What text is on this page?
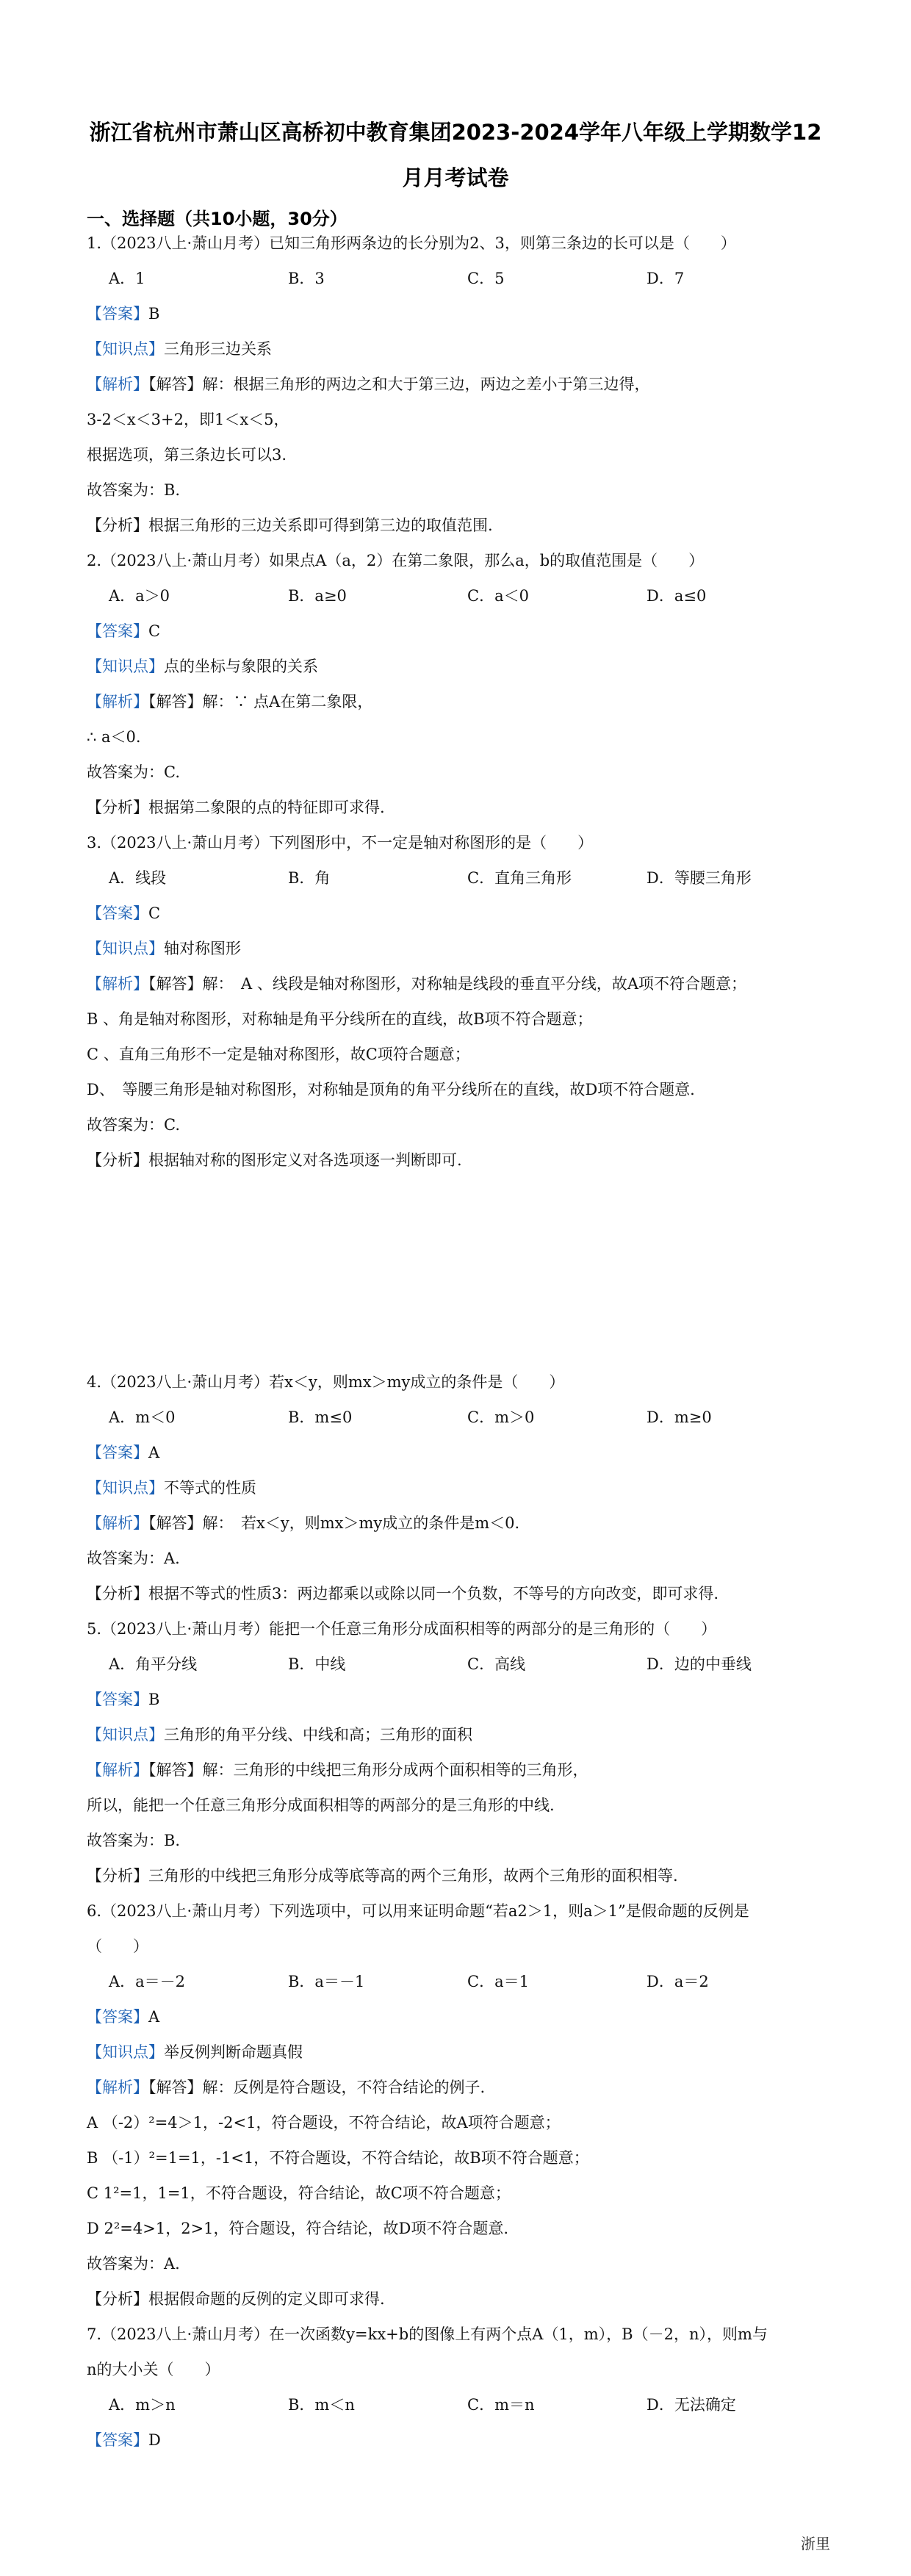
浙江省杭州市萧山区高桥初中教育集团2023-2024学年八年级上学期数学12
月月考试卷
一、选择题（共10小题，30分）
1.（2023八上·萧山月考）已知三角形两条边的长分别为2、3，则第三条边的长可以是（　　）
A．1	B．3	C．5	D．7
【答案】B
【知识点】三角形三边关系
【解析】【解答】解：根据三角形的两边之和大于第三边，两边之差小于第三边得，
3-2＜x＜3+2，即1＜x＜5，
根据选项，第三条边长可以3.
故答案为：B.
【分析】根据三角形的三边关系即可得到第三边的取值范围.
2.（2023八上·萧山月考）如果点A（a，2）在第二象限，那么a，b的取值范围是（　　）
A．a＞0	B．a≥0	C．a＜0	D．a≤0
【答案】C
【知识点】点的坐标与象限的关系
【解析】【解答】解：∵ 点A在第二象限，
∴ a＜0.
故答案为：C.
【分析】根据第二象限的点的特征即可求得.
3.（2023八上·萧山月考）下列图形中，不一定是轴对称图形的是（　　）
A．线段	B．角	C．直角三角形	D．等腰三角形
【答案】C
【知识点】轴对称图形
【解析】【解答】解：　A 、线段是轴对称图形，对称轴是线段的垂直平分线，故A项不符合题意；
B 、角是轴对称图形，对称轴是角平分线所在的直线，故B项不符合题意；
C 、直角三角形不一定是轴对称图形，故C项符合题意；
D、　等腰三角形是轴对称图形，对称轴是顶角的角平分线所在的直线，故D项不符合题意.
故答案为：C.
【分析】根据轴对称的图形定义对各选项逐一判断即可.
4.（2023八上·萧山月考）若x＜y，则mx＞my成立的条件是（　　）
A．m＜0	B．m≤0	C．m＞0	D．m≥0
【答案】A
【知识点】不等式的性质
【解析】【解答】解：　若x＜y，则mx＞my成立的条件是m＜0.
故答案为：A.
【分析】根据不等式的性质3：两边都乘以或除以同一个负数，不等号的方向改变，即可求得.
5.（2023八上·萧山月考）能把一个任意三角形分成面积相等的两部分的是三角形的（　　）
A．角平分线	B．中线	C．高线	D．边的中垂线
【答案】B
【知识点】三角形的角平分线、中线和高；三角形的面积
【解析】【解答】解：三角形的中线把三角形分成两个面积相等的三角形，
所以，能把一个任意三角形分成面积相等的两部分的是三角形的中线.
故答案为：B.
【分析】三角形的中线把三角形分成等底等高的两个三角形，故两个三角形的面积相等.
6.（2023八上·萧山月考）下列选项中，可以用来证明命题“若a2＞1，则a＞1”是假命题的反例是
（　　）
A．a＝－2	B．a＝－1	C．a＝1	D．a＝2
【答案】A
【知识点】举反例判断命题真假
【解析】【解答】解：反例是符合题设，不符合结论的例子.
A （-2）²=4＞1，-2<1，符合题设，不符合结论，故A项符合题意；
B （-1）²=1=1，-1<1，不符合题设，不符合结论，故B项不符合题意；
C 1²=1，1=1，不符合题设，符合结论，故C项不符合题意；
D 2²=4>1，2>1，符合题设，符合结论，故D项不符合题意.
故答案为：A.
【分析】根据假命题的反例的定义即可求得.
7.（2023八上·萧山月考）在一次函数y=kx+b的图像上有两个点A（1，m），B（－2，n），则m与
n的大小关（　　）
A．m＞n	B．m＜n	C．m＝n	D．无法确定
【答案】D
浙里
